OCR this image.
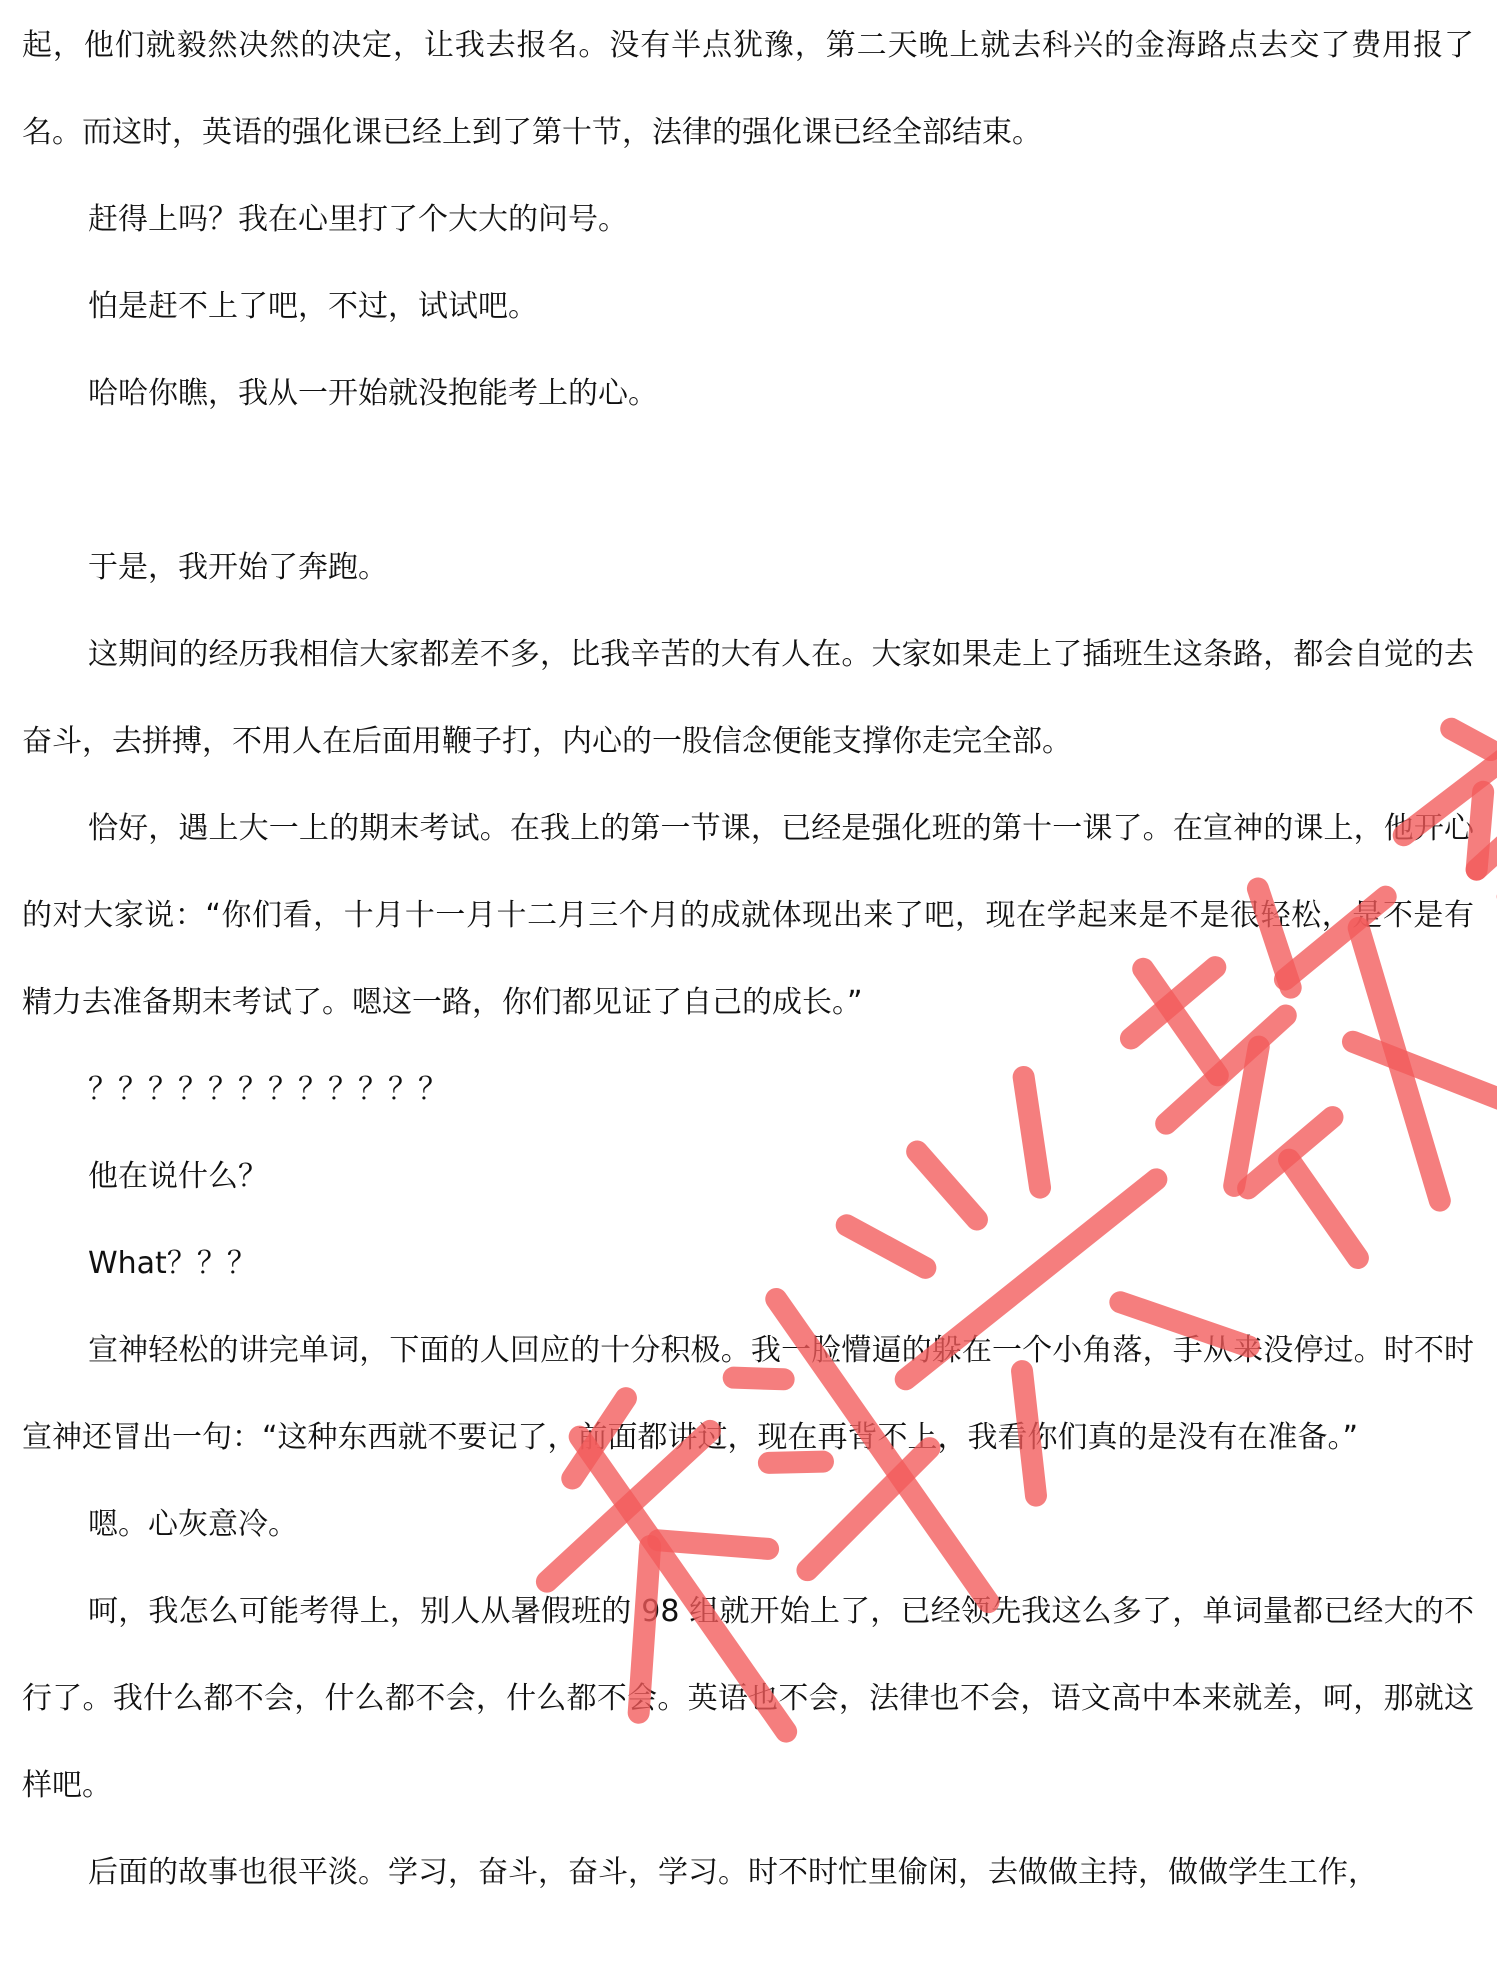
起，他们就毅然决然的决定，让我去报名。没有半点犹豫，第二天晚上就去科兴的金海路点去交了费用报了名。而这时，英语的强化课已经上到了第十节，法律的强化课已经全部结束。

赶得上吗？我在心里打了个大大的问号。

怕是赶不上了吧，不过，试试吧。

哈哈你瞧，我从一开始就没抱能考上的心。

于是，我开始了奔跑。

这期间的经历我相信大家都差不多，比我辛苦的大有人在。大家如果走上了插班生这条路，都会自觉的去奋斗，去拼搏，不用人在后面用鞭子打，内心的一股信念便能支撑你走完全部。

恰好，遇上大一上的期末考试。在我上的第一节课，已经是强化班的第十一课了。在宣神的课上，他开心的对大家说：“你们看，十月十一月十二月三个月的成就体现出来了吧，现在学起来是不是很轻松，是不是有精力去准备期末考试了。嗯这一路，你们都见证了自己的成长。”

？？？？？？？？？？？？

他在说什么？

What？？？

宣神轻松的讲完单词，下面的人回应的十分积极。我一脸懵逼的躲在一个小角落，手从来没停过。时不时宣神还冒出一句：“这种东西就不要记了，前面都讲过，现在再背不上，我看你们真的是没有在准备。”

嗯。心灰意冷。

呵，我怎么可能考得上，别人从暑假班的 98 组就开始上了，已经领先我这么多了，单词量都已经大的不行了。我什么都不会，什么都不会，什么都不会。英语也不会，法律也不会，语文高中本来就差，呵，那就这样吧。

后面的故事也很平淡。学习，奋斗，奋斗，学习。时不时忙里偷闲，去做做主持，做做学生工作，
